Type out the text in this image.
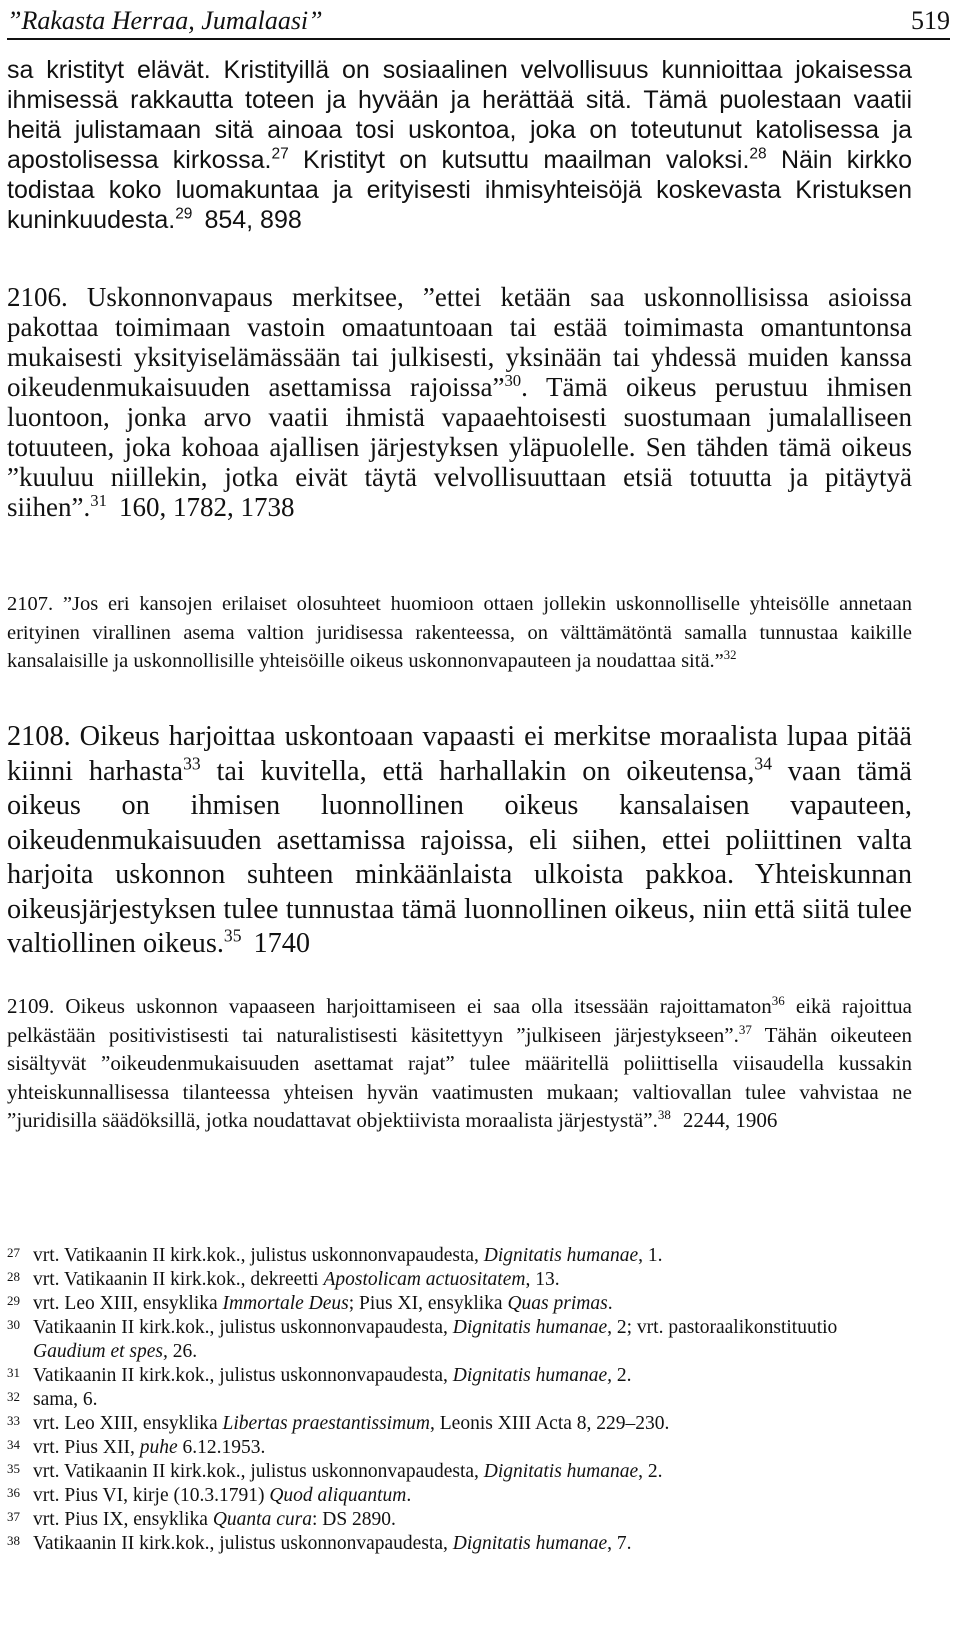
”Rakasta Herraa, Jumalaasi”	519

sa kristityt elävät. Kristityillä on sosiaalinen velvollisuus kunnioittaa jokaisessa ihmisessä rakkautta toteen ja hyvään ja herättää sitä. Tämä puolestaan vaatii heitä julistamaan sitä ainoaa tosi uskontoa, joka on toteutunut katolisessa ja apostolisessa kirkossa.$^{27}$ Kristityt on kutsuttu maailman valoksi.$^{28}$ Näin kirkko todistaa koko luomakuntaa ja erityisesti ihmisyhteisöjä koskevasta Kristuksen kuninkuudesta.$^{29}$ 854, 898

2106. Uskonnonvapaus merkitsee, ”ettei ketään saa uskonnollisissa asioissa pakottaa toimimaan vastoin omaatuntoaan tai estää toimimasta omantuntonsa mukaisesti yksityiselämässään tai julkisesti, yksinään tai yhdessä muiden kanssa oikeudenmukaisuuden asettamissa rajoissa”$^{30}$. Tämä oikeus perustuu ihmisen luontoon, jonka arvo vaatii ihmistä vapaaehtoisesti suostumaan jumalalliseen totuuteen, joka kohoaa ajallisen järjestyksen yläpuolelle. Sen tähden tämä oikeus ”kuuluu niillekin, jotka eivät täytä velvollisuuttaan etsiä totuutta ja pitäytyä siihen”.$^{31}$ 160, 1782, 1738

2107. ”Jos eri kansojen erilaiset olosuhteet huomioon ottaen jollekin uskonnolliselle yhteisölle annetaan erityinen virallinen asema valtion juridisessa rakenteessa, on välttämätöntä samalla tunnustaa kaikille kansalaisille ja uskonnollisille yhteisöille oikeus uskonnonvapauteen ja noudattaa sitä.”$^{32}$

2108. Oikeus harjoittaa uskontoaan vapaasti ei merkitse moraalista lupaa pitää kiinni harhasta$^{33}$ tai kuvitella, että harhallakin on oikeutensa,$^{34}$ vaan tämä oikeus on ihmisen luonnollinen oikeus kansalaisen vapauteen, oikeudenmukaisuuden asettamissa rajoissa, eli siihen, ettei poliittinen valta harjoita uskonnon suhteen minkäänlaista ulkoista pakkoa. Yhteiskunnan oikeusjärjestyksen tulee tunnustaa tämä luonnollinen oikeus, niin että siitä tulee valtiollinen oikeus.$^{35}$ 1740

2109. Oikeus uskonnon vapaaseen harjoittamiseen ei saa olla itsessään rajoittamaton$^{36}$ eikä rajoittua pelkästään positivistisesti tai naturalistisesti käsitettyyn ”julkiseen järjestykseen”.$^{37}$ Tähän oikeuteen sisältyvät ”oikeudenmukaisuuden asettamat rajat” tulee määritellä poliittisella viisaudella kussakin yhteiskunnallisessa tilanteessa yhteisen hyvän vaatimusten mukaan; valtiovallan tulee vahvistaa ne ”juridisilla säädöksillä, jotka noudattavat objektiivista moraalista järjestystä”.$^{38}$ 2244, 1906

27 vrt. Vatikaanin II kirk.kok., julistus uskonnonvapaudesta, Dignitatis humanae, 1.
28 vrt. Vatikaanin II kirk.kok., dekreetti Apostolicam actuositatem, 13.
29 vrt. Leo XIII, ensyklika Immortale Deus; Pius XI, ensyklika Quas primas.
30 Vatikaanin II kirk.kok., julistus uskonnonvapaudesta, Dignitatis humanae, 2; vrt. pastoraalikonstituutio Gaudium et spes, 26.
31 Vatikaanin II kirk.kok., julistus uskonnonvapaudesta, Dignitatis humanae, 2.
32 sama, 6.
33 vrt. Leo XIII, ensyklika Libertas praestantissimum, Leonis XIII Acta 8, 229–230.
34 vrt. Pius XII, puhe 6.12.1953.
35 vrt. Vatikaanin II kirk.kok., julistus uskonnonvapaudesta, Dignitatis humanae, 2.
36 vrt. Pius VI, kirje (10.3.1791) Quod aliquantum.
37 vrt. Pius IX, ensyklika Quanta cura: DS 2890.
38 Vatikaanin II kirk.kok., julistus uskonnonvapaudesta, Dignitatis humanae, 7.
